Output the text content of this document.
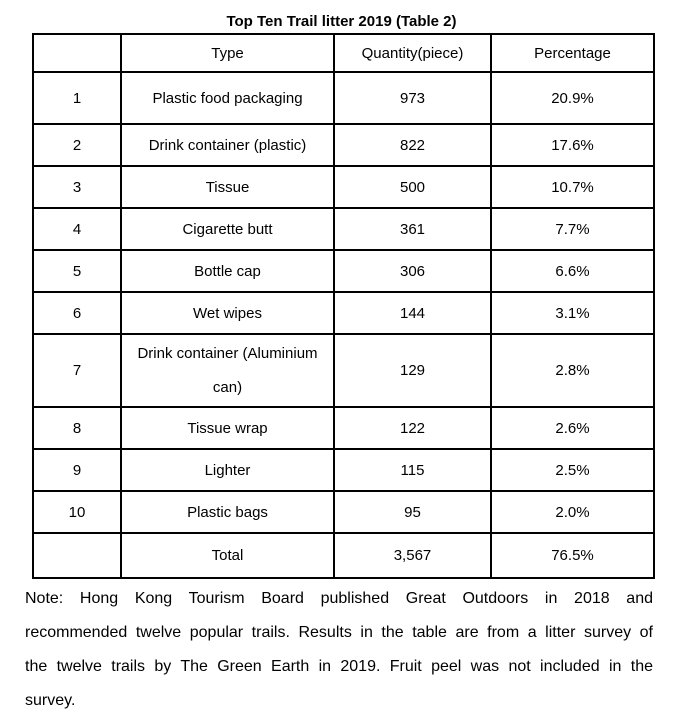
Top Ten Trail litter 2019 (Table 2)
	Type	Quantity(piece)	Percentage
1	Plastic food packaging	973	20.9%
2	Drink container (plastic)	822	17.6%
3	Tissue	500	10.7%
4	Cigarette butt	361	7.7%
5	Bottle cap	306	6.6%
6	Wet wipes	144	3.1%
7	Drink container (Aluminium can)	129	2.8%
8	Tissue wrap	122	2.6%
9	Lighter	115	2.5%
10	Plastic bags	95	2.0%
	Total	3,567	76.5%
Note: Hong Kong Tourism Board published Great Outdoors in 2018 and
recommended twelve popular trails. Results in the table are from a litter survey of
the twelve trails by The Green Earth in 2019. Fruit peel was not included in the
survey.
